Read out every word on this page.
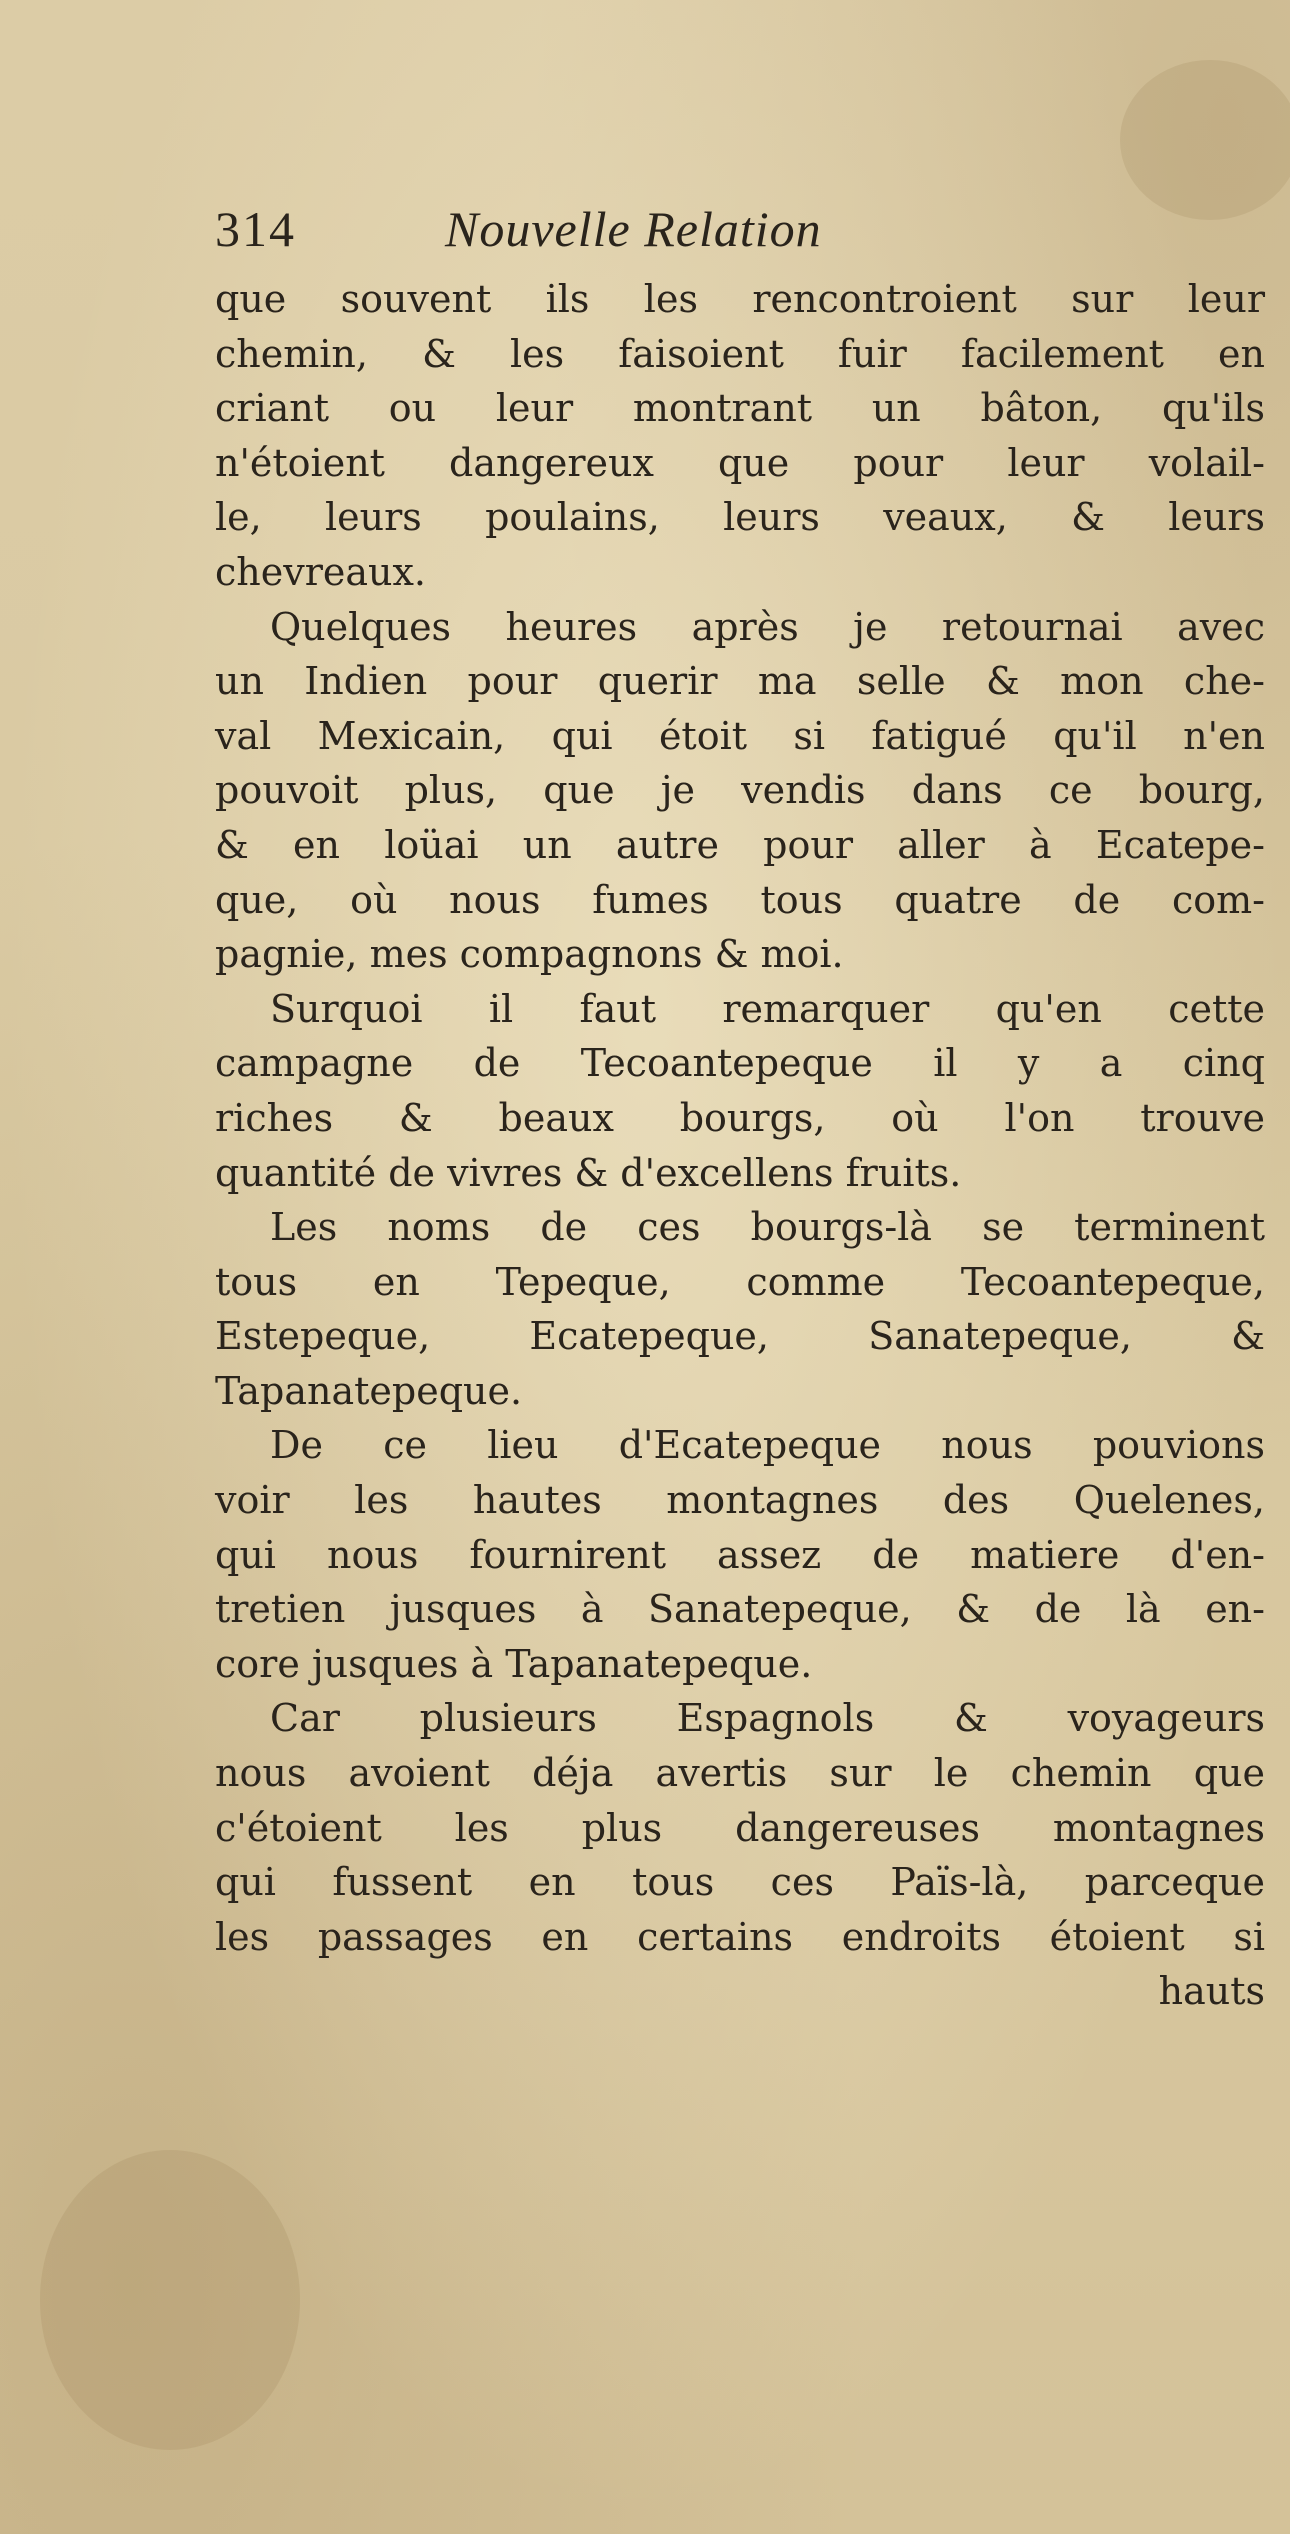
314	Nouvelle Relation
que souvent ils les rencontroient sur leur
chemin, & les faisoient fuir facilement en
criant ou leur montrant un bâton, qu'ils
n'étoient dangereux que pour leur volail-
le, leurs poulains, leurs veaux, & leurs
chevreaux.
Quelques heures après je retournai avec
un Indien pour querir ma selle & mon che-
val Mexicain, qui étoit si fatigué qu'il n'en
pouvoit plus, que je vendis dans ce bourg,
& en loüai un autre pour aller à Ecatepe-
que, où nous fumes tous quatre de com-
pagnie, mes compagnons & moi.
Surquoi il faut remarquer qu'en cette
campagne de Tecoantepeque il y a cinq
riches & beaux bourgs, où l'on trouve
quantité de vivres & d'excellens fruits.
Les noms de ces bourgs-là se terminent
tous en Tepeque, comme Tecoantepeque,
Estepeque, Ecatepeque, Sanatepeque, &
Tapanatepeque.
De ce lieu d'Ecatepeque nous pouvions
voir les hautes montagnes des Quelenes,
qui nous fournirent assez de matiere d'en-
tretien jusques à Sanatepeque, & de là en-
core jusques à Tapanatepeque.
Car plusieurs Espagnols & voyageurs
nous avoient déja avertis sur le chemin que
c'étoient les plus dangereuses montagnes
qui fussent en tous ces Païs-là, parceque
les passages en certains endroits étoient si
hauts
